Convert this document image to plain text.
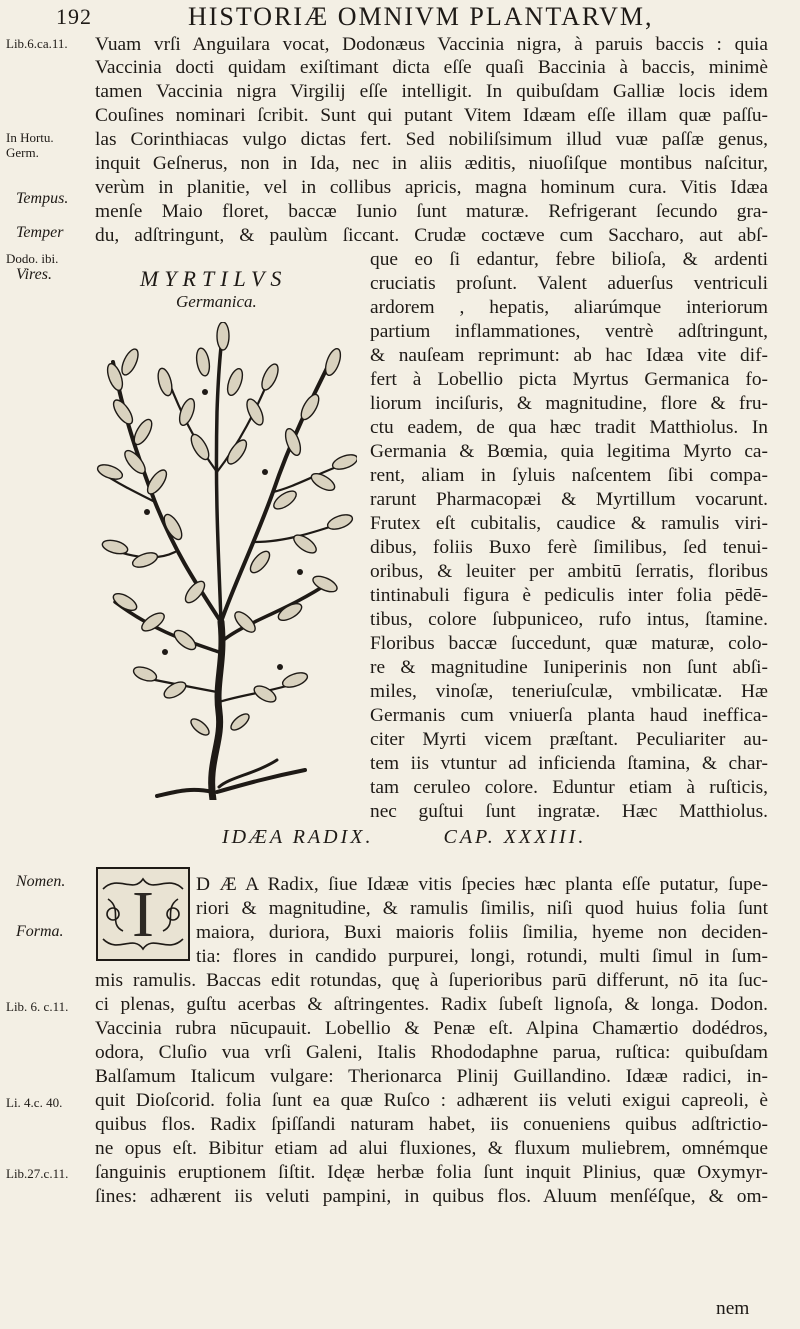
192	HISTORIÆ OMNIVM PLANTARVM,
Lib.6.ca.11.
In Hortu.
Germ.
Tempus.
Temper
Dodo. ibi.
Vires.
Nomen.
Forma.
Lib. 6. c.11.
Li. 4.c. 40.
Lib.27.c.11.
Vuam vrſi Anguilara vocat, Dodonæus Vaccinia nigra, à paruis baccis : quia
Vaccinia docti quidam exiſtimant dicta eſſe quaſi Baccinia à baccis, minimè
tamen Vaccinia nigra Virgilij eſſe intelligit. In quibuſdam Galliæ locis idem
Couſines nominari ſcribit. Sunt qui putant Vitem Idæam eſſe illam quæ paſſu-
las Corinthiacas vulgo dictas fert. Sed nobiliſsimum illud vuæ paſſæ genus,
inquit Geſnerus, non in Ida, nec in aliis æditis, niuoſiſque montibus naſcitur,
verùm in planitie, vel in collibus apricis, magna hominum cura. Vitis Idæa
menſe Maio floret, baccæ Iunio ſunt maturæ. Refrigerant ſecundo gra-
du, adſtringunt, & paulùm ſiccant. Crudæ coctæve cum Saccharo, aut abſ-
MYRTILVS
Germanica.
que eo ſi edantur, febre bilioſa, & ardenti
cruciatis proſunt. Valent aduerſus ventriculi
ardorem , hepatis, aliarúmque interiorum
partium inflammationes, ventrè adſtringunt,
& nauſeam reprimunt: ab hac Idæa vite dif-
fert à Lobellio picta Myrtus Germanica fo-
liorum inciſuris, & magnitudine, flore & fru-
ctu eadem, de qua hæc tradit Matthiolus. In
Germania & Bœmia, quia legitima Myrto ca-
rent, aliam in ſyluis naſcentem ſibi compa-
rarunt Pharmacopæi & Myrtillum vocarunt.
Frutex eſt cubitalis, caudice & ramulis viri-
dibus, foliis Buxo ferè ſimilibus, ſed tenui-
oribus, & leuiter per ambitū ſerratis, floribus
tintinabuli figura è pediculis inter folia pēdē-
tibus, colore ſubpuniceo, rufo intus, ſtamine.
Floribus baccæ ſuccedunt, quæ maturæ, colo-
re & magnitudine Iuniperinis non ſunt abſi-
miles, vinoſæ, teneriuſculæ, vmbilicatæ. Hæ
Germanis cum vniuerſa planta haud inefficа-
citer Myrti vicem præſtant. Peculiariter au-
tem iis vtuntur ad inficienda ſtamina, & char-
tam ceruleo colore. Eduntur etiam à ruſticis,
nec guſtui ſunt ingratæ. Hæc Matthiolus.
IDÆA RADIX.	CAP. XXXIII.
I	D Æ A Radix, ſiue Idææ vitis ſpecies hæc planta eſſe putatur, ſupe-
riori & magnitudine, & ramulis ſimilis, niſi quod huius folia ſunt
maiora, duriora, Buxi maioris foliis ſimilia, hyeme non deciden-
tia: flores in candido purpurei, longi, rotundi, multi ſimul in ſum-
mis ramulis. Baccas edit rotundas, quę à ſuperioribus parū differunt, nō ita ſuc-
ci plenas, guſtu acerbas & aſtringentes. Radix ſubeſt lignoſa, & longa. Dodon.
Vaccinia rubra nūcupauit. Lobellio & Penæ eſt. Alpina Chamærtio dodédros,
odora, Cluſio vua vrſi Galeni, Italis Rhododaphne parua, ruſtica: quibuſdam
Balſamum Italicum vulgare: Therionarca Plinij Guillandino. Idææ radici, in-
quit Dioſcorid. folia ſunt ea quæ Ruſco : adhærent iis veluti exigui capreoli, è
quibus flos. Radix ſpiſſandi naturam habet, iis conueniens quibus adſtrictio-
ne opus eſt. Bibitur etiam ad alui fluxiones, & fluxum muliebrem, omnémque
ſanguinis eruptionem ſiſtit. Idęæ herbæ folia ſunt inquit Plinius, quæ Oxymyr-
ſines: adhærent iis veluti pampini, in quibus flos. Aluum menſéſque, & om-
nem
